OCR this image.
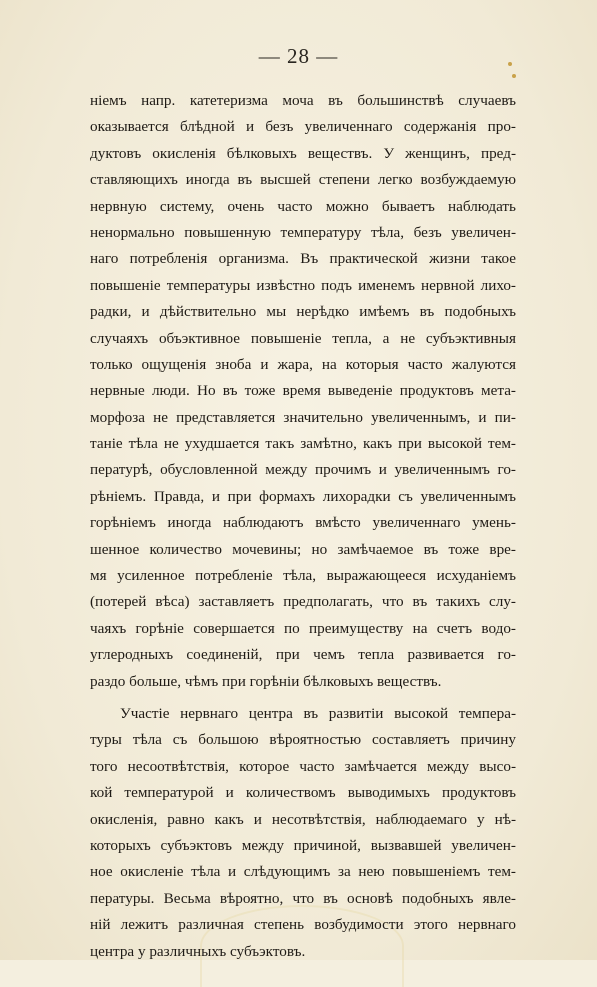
— 28 —
ніемъ напр. катетеризма моча въ большинствѣ случаевъ
оказывается блѣдной и безъ увеличеннаго содержанія про-
дуктовъ окисленія бѣлковыхъ веществъ. У женщинъ, пред-
ставляющихъ иногда въ высшей степени легко возбуждаемую
нервную систему, очень часто можно бываетъ наблюдать
ненормально повышенную температуру тѣла, безъ увеличен-
наго потребленія организма. Въ практической жизни такое
повышеніе температуры извѣстно подъ именемъ нервной лихо-
радки, и дѣйствительно мы нерѣдко имѣемъ въ подобныхъ
случаяхъ объэктивное повышеніе тепла, а не субъэктивныя
только ощущенія зноба и жара, на которыя часто жалуются
нервные люди. Но въ тоже время выведеніе продуктовъ мета-
морфоза не представляется значительно увеличеннымъ, и пи-
таніе тѣла не ухудшается такъ замѣтно, какъ при высокой тем-
пературѣ, обусловленной между прочимъ и увеличеннымъ го-
рѣніемъ. Правда, и при формахъ лихорадки съ увеличеннымъ
горѣніемъ иногда наблюдаютъ вмѣсто увеличеннаго умень-
шенное количество мочевины; но замѣчаемое въ тоже вре-
мя усиленное потребленіе тѣла, выражающееся исхуданіемъ
(потерей вѣса) заставляетъ предполагать, что въ такихъ слу-
чаяхъ горѣніе совершается по преимуществу на счетъ водо-
углеродныхъ соединеній, при чемъ тепла развивается го-
раздо больше, чѣмъ при горѣніи бѣлковыхъ веществъ.
Участіе нервнаго центра въ развитіи высокой темпера-
туры тѣла съ большою вѣроятностью составляетъ причину
того несоотвѣтствія, которое часто замѣчается между высо-
кой температурой и количествомъ выводимыхъ продуктовъ
окисленія, равно какъ и несотвѣтствія, наблюдаемаго у нѣ-
которыхъ субъэктовъ между причиной, вызвавшей увеличен-
ное окисленіе тѣла и слѣдующимъ за нею повышеніемъ тем-
пературы. Весьма вѣроятно, что въ основѣ подобныхъ явле-
ній лежитъ различная степень возбудимости этого нервнаго
центра у различныхъ субъэктовъ.
